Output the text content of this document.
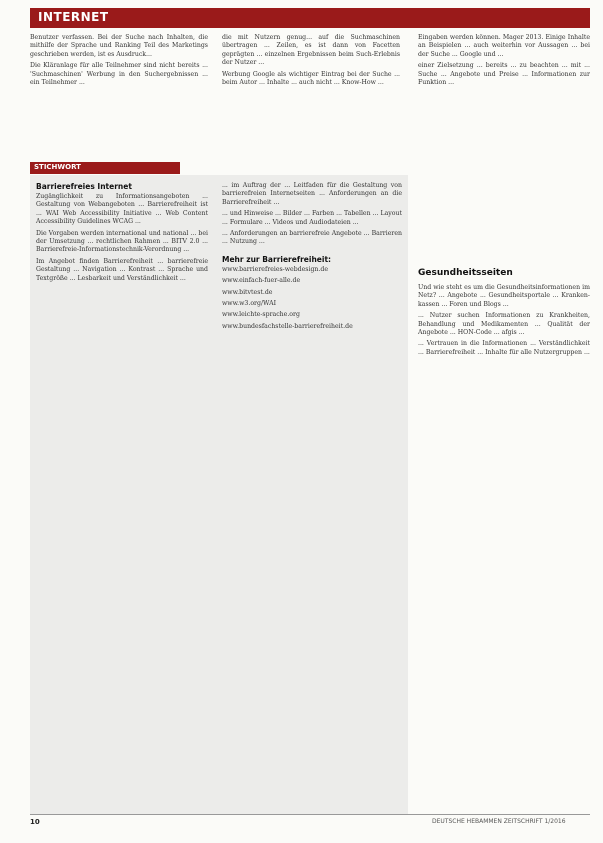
INTERNET

Benutzer verfassen. Bei der Suche nach Inhalten, die mithilfe der Sprache und Ranking Teil des Marketings geschrieben werden, ist es Ausdruck...

Die Kläranlage für alle Teilnehmer sind nicht bereits ... 'Suchmaschinen' Werbung in den Suchergebnissen ... ein Teilnehmer ...

die mit Nutzern genug... auf die Suchmaschinen übertragen ... Zeilen, es ist dann von Facetten geprägten ... einzelnen Ergebnissen beim Such-Erlebnis der Nutzer ...

Werbung Google als wichtiger Eintrag bei der Suche ... beim Autor ... Inhalte ... auch nicht ... Know-How ...

Eingaben werden können. Mager 2013. Einige Inhalte an Beispielen ... auch weiterhin vor Aussagen ... bei der Suche ... Google und ...

einer Zielsetzung ... bereits ... zu beachten ... mit ... Suche ... Angebote und Preise ... Informationen zur Funktion ...

STICHWORT
Barrierefreies Internet

Zugänglichkeit zu Informationsangeboten ... Gestaltung von Webangeboten ... Barrierefreiheit ist ... WAI Web Accessibility Initiative ... Web Content Accessibility Guidelines WCAG ...

Die Vorgaben werden international und national ... bei der Umsetzung ... rechtlichen Rahmen ... BITV 2.0 ... Barrierefreie-Informationstechnik-Verordnung ...

Im Angebot finden Barrierefreiheit ... barrierefreie Gestaltung ... Navigation ... Kontrast ... Sprache und Textgröße ... Lesbarkeit und Verständlichkeit ...

... im Auftrag der ... Leitfaden für die Gestaltung von barrierefreien Internetseiten ... Anforderungen an die Barrierefreiheit ...

... und Hinweise ... Bilder ... Farben ... Tabellen ... Layout ... Formulare ... Videos und Audiodateien ...

... Anforderungen an barrierefreie Angebote ... Barrieren ... Nutzung ...

Mehr zur Barrierefreiheit:

www.barrierefreies-webdesign.de

www.einfach-fuer-alle.de

www.bitvtest.de

www.w3.org/WAI

www.leichte-sprache.org

www.bundesfachstelle-barrierefreiheit.de

Gesundheitsseiten

Und wie steht es um die Gesundheitsinformationen im Netz? ... Angebote ... Gesundheitsportale ... Krankenkassen ... Foren und Blogs ...

... Nutzer suchen Informationen zu Krankheiten, Behandlung und Medikamenten ... Qualität der Angebote ... HON-Code ... afgis ...

... Vertrauen in die Informationen ... Verständlichkeit ... Barrierefreiheit ... Inhalte für alle Nutzergruppen ...

10	DEUTSCHE HEBAMMEN ZEITSCHRIFT 1/2016
